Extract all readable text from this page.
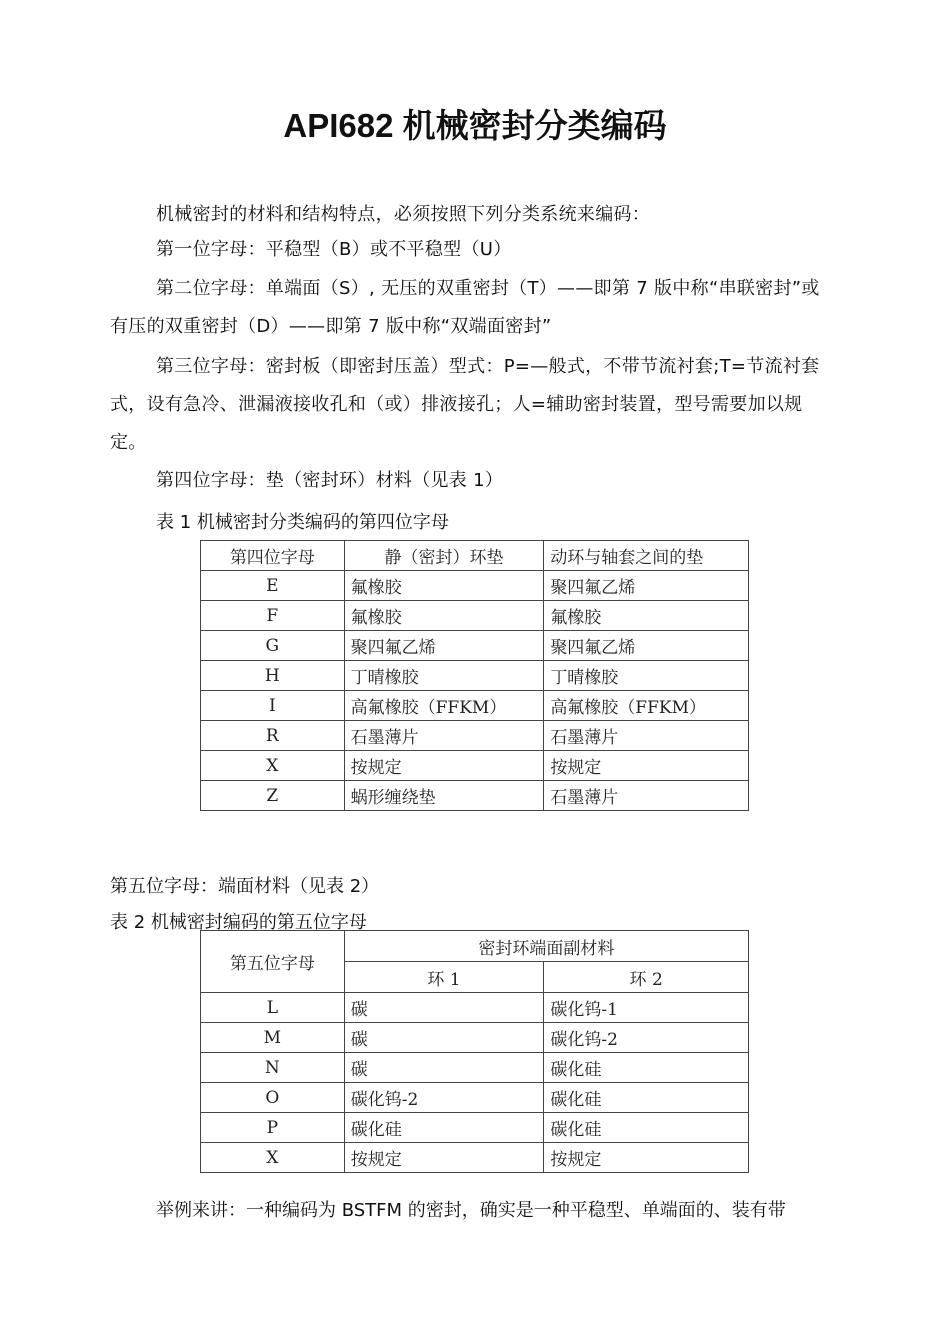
API682 机械密封分类编码

机械密封的材料和结构特点，必须按照下列分类系统来编码：

第一位字母：平稳型（B）或不平稳型（U）

第二位字母：单端面（S）, 无压的双重密封（T）——即第 7 版中称“串联密封”或有压的双重密封（D）——即第 7 版中称“双端面密封”

第三位字母：密封板（即密封压盖）型式：P=—般式，不带节流衬套;T=节流衬套式，设有急冷、泄漏液接收孔和（或）排液接孔；人=辅助密封装置，型号需要加以规定。

第四位字母：垫（密封环）材料（见表 1）

表 1 机械密封分类编码的第四位字母

第四位字母	静（密封）环垫	动环与轴套之间的垫
E	氟橡胶	聚四氟乙烯
F	氟橡胶	氟橡胶
G	聚四氟乙烯	聚四氟乙烯
H	丁晴橡胶	丁晴橡胶
I	高氟橡胶（FFKM）	高氟橡胶（FFKM）
R	石墨薄片	石墨薄片
X	按规定	按规定
Z	蜗形缠绕垫	石墨薄片

第五位字母：端面材料（见表 2）

表 2 机械密封编码的第五位字母

第五位字母	密封环端面副材料	
	环 1	环 2
L	碳	碳化钨-1
M	碳	碳化钨-2
N	碳	碳化硅
O	碳化钨-2	碳化硅
P	碳化硅	碳化硅
X	按规定	按规定

举例来讲：一种编码为 BSTFM 的密封，确实是一种平稳型、单端面的、装有带
